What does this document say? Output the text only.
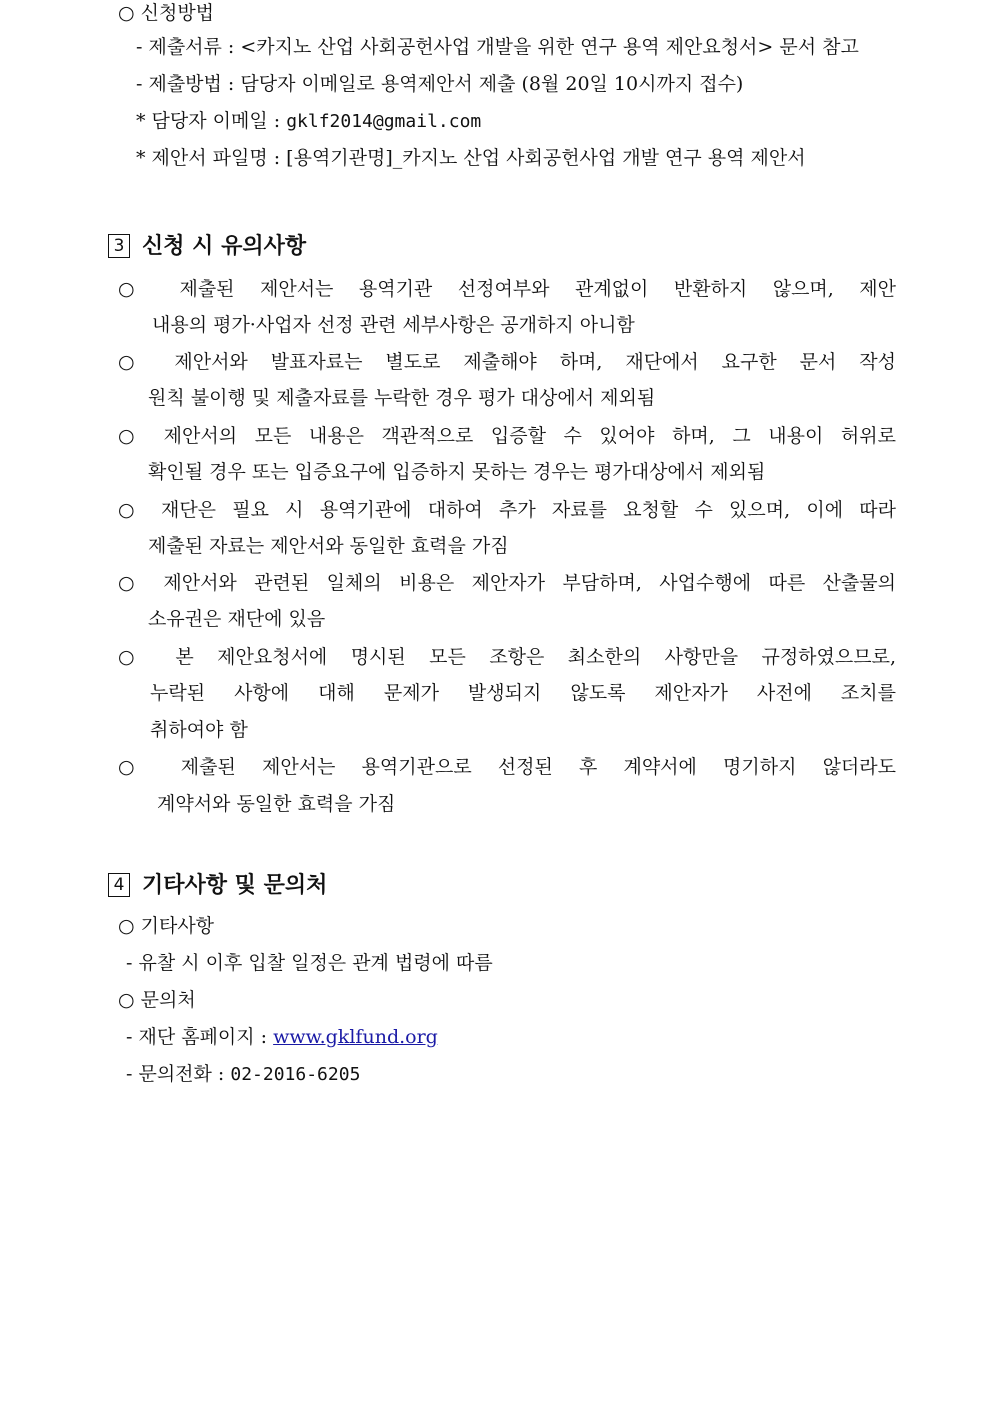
○ 신청방법
- 제출서류 : <카지노 산업 사회공헌사업 개발을 위한 연구 용역 제안요청서> 문서 참고
- 제출방법 : 담당자 이메일로 용역제안서 제출 (8월 20일 10시까지 접수)
* 담당자 이메일 : gklf2014@gmail.com
* 제안서 파일명 : [용역기관명]_카지노 산업 사회공헌사업 개발 연구 용역 제안서
3 신청 시 유의사항
○ 제출된 제안서는 용역기관 선정여부와 관계없이 반환하지 않으며, 제안
내용의 평가·사업자 선정 관련 세부사항은 공개하지 아니함
○ 제안서와 발표자료는 별도로 제출해야 하며, 재단에서 요구한 문서 작성
원칙 불이행 및 제출자료를 누락한 경우 평가 대상에서 제외됨
○ 제안서의 모든 내용은 객관적으로 입증할 수 있어야 하며, 그 내용이 허위로
확인될 경우 또는 입증요구에 입증하지 못하는 경우는 평가대상에서 제외됨
○ 재단은 필요 시 용역기관에 대하여 추가 자료를 요청할 수 있으며, 이에 따라
제출된 자료는 제안서와 동일한 효력을 가짐
○ 제안서와 관련된 일체의 비용은 제안자가 부담하며, 사업수행에 따른 산출물의
소유권은 재단에 있음
○ 본 제안요청서에 명시된 모든 조항은 최소한의 사항만을 규정하였으므로,
누락된 사항에 대해 문제가 발생되지 않도록 제안자가 사전에 조치를
취하여야 함
○ 제출된 제안서는 용역기관으로 선정된 후 계약서에 명기하지 않더라도
계약서와 동일한 효력을 가짐
4 기타사항 및 문의처
○ 기타사항
- 유찰 시 이후 입찰 일정은 관계 법령에 따름
○ 문의처
- 재단 홈페이지 : www.gklfund.org
- 문의전화 : 02-2016-6205
